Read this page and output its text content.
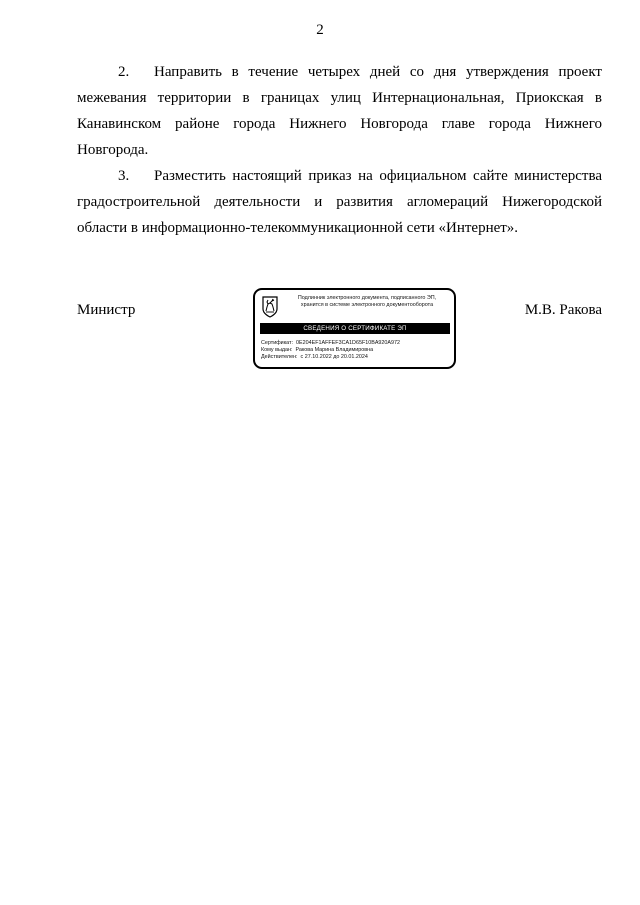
2

2. Направить в течение четырех дней со дня утверждения проект межевания территории в границах улиц Интернациональная, Приокская в Канавинском районе города Нижнего Новгорода главе города Нижнего Новгорода.

3. Разместить настоящий приказ на официальном сайте министерства градостроительной деятельности и развития агломераций Нижегородской области в информационно-телекоммуникационной сети «Интернет».

Министр
Подлинник электронного документа, подписанного ЭП,
хранится в системе электронного документооборота
СВЕДЕНИЯ О СЕРТИФИКАТЕ ЭП
Сертификат: 0E204EF1AFFEF3CA1D65F10BA920A972
Кому выдан: Ракова Марина Владимировна
Действителен: с 27.10.2022 до 20.01.2024
М.В. Ракова
